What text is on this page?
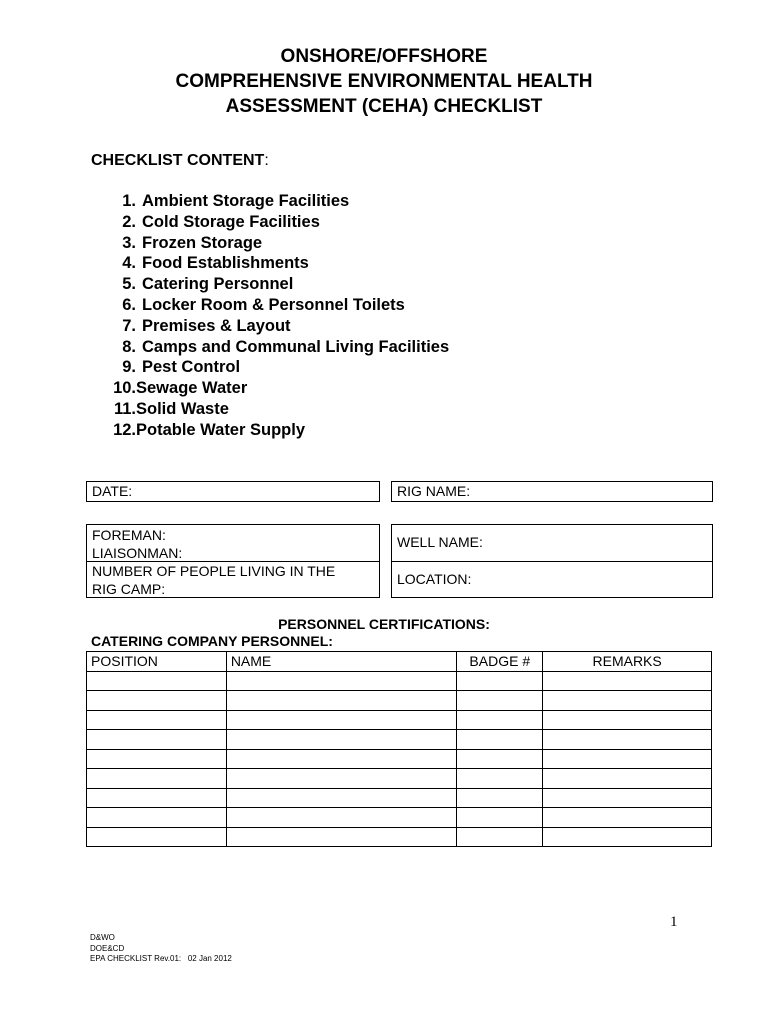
ONSHORE/OFFSHORE
COMPREHENSIVE ENVIRONMENTAL HEALTH
ASSESSMENT (CEHA) CHECKLIST
CHECKLIST CONTENT:
1. Ambient Storage Facilities
2. Cold Storage Facilities
3. Frozen Storage
4. Food Establishments
5. Catering Personnel
6. Locker Room & Personnel Toilets
7. Premises & Layout
8. Camps and Communal Living Facilities
9. Pest Control
10. Sewage Water
11. Solid Waste
12. Potable Water Supply
DATE:	RIG NAME:
FOREMAN:
LIAISONMAN:
NUMBER OF PEOPLE LIVING IN THE
RIG CAMP:
WELL NAME:
LOCATION:
PERSONNEL CERTIFICATIONS:
CATERING COMPANY PERSONNEL:
POSITION	NAME	BADGE #	REMARKS

1
D&WO
DOE&CD
EPA CHECKLIST Rev.01:   02 Jan 2012
